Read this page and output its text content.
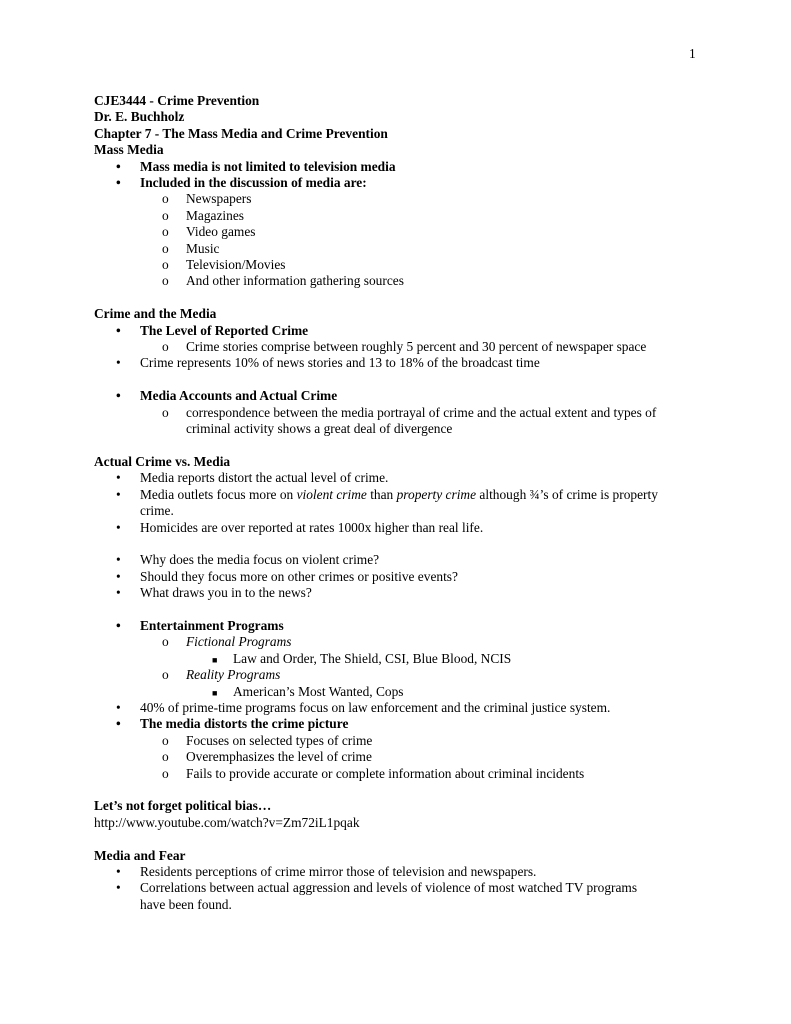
1
CJE3444 - Crime Prevention
Dr. E. Buchholz
Chapter 7 - The Mass Media and Crime Prevention
Mass Media
• Mass media is not limited to television media
• Included in the discussion of media are:
o Newspapers
o Magazines
o Video games
o Music
o Television/Movies
o And other information gathering sources
Crime and the Media
• The Level of Reported Crime
o Crime stories comprise between roughly 5 percent and 30 percent of newspaper space
• Crime represents 10% of news stories and 13 to 18% of the broadcast time
• Media Accounts and Actual Crime
o correspondence between the media portrayal of crime and the actual extent and types of
criminal activity shows a great deal of divergence
Actual Crime vs. Media
• Media reports distort the actual level of crime.
• Media outlets focus more on violent crime than property crime although ¾’s of crime is property
crime.
• Homicides are over reported at rates 1000x higher than real life.
• Why does the media focus on violent crime?
• Should they focus more on other crimes or positive events?
• What draws you in to the news?
• Entertainment Programs
o Fictional Programs
■ Law and Order, The Shield, CSI, Blue Blood, NCIS
o Reality Programs
■ American’s Most Wanted, Cops
• 40% of prime-time programs focus on law enforcement and the criminal justice system.
• The media distorts the crime picture
o Focuses on selected types of crime
o Overemphasizes the level of crime
o Fails to provide accurate or complete information about criminal incidents
Let’s not forget political bias…
http://www.youtube.com/watch?v=Zm72iL1pqak
Media and Fear
• Residents perceptions of crime mirror those of television and newspapers.
• Correlations between actual aggression and levels of violence of most watched TV programs
have been found.
